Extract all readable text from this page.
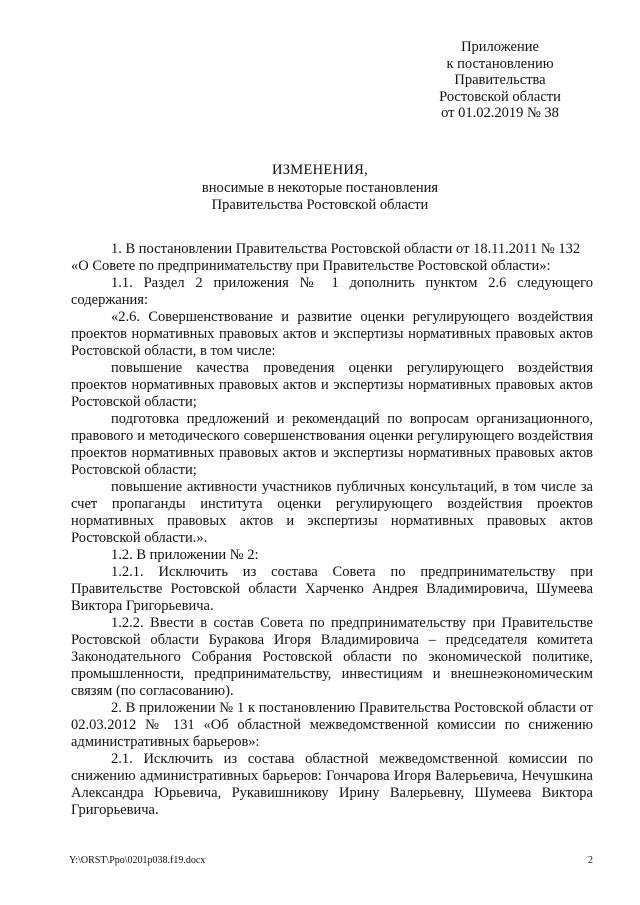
Приложение
к постановлению
Правительства
Ростовской области
от 01.02.2019 № 38
ИЗМЕНЕНИЯ,
вносимые в некоторые постановления
Правительства Ростовской области

1. В постановлении Правительства Ростовской области от 18.11.2011 № 132

«О Совете по предпринимательству при Правительстве Ростовской области»:

1.1. Раздел 2 приложения № 1 дополнить пунктом 2.6 следующего содержания:

«2.6. Совершенствование и развитие оценки регулирующего воздействия проектов нормативных правовых актов и экспертизы нормативных правовых актов Ростовской области, в том числе:

повышение качества проведения оценки регулирующего воздействия проектов нормативных правовых актов и экспертизы нормативных правовых актов Ростовской области;

подготовка предложений и рекомендаций по вопросам организационного, правового и методического совершенствования оценки регулирующего воздействия проектов нормативных правовых актов и экспертизы нормативных правовых актов Ростовской области;

повышение активности участников публичных консультаций, в том числе за счет пропаганды института оценки регулирующего воздействия проектов нормативных правовых актов и экспертизы нормативных правовых актов Ростовской области.».

1.2. В приложении № 2:

1.2.1. Исключить из состава Совета по предпринимательству при Правительстве Ростовской области Харченко Андрея Владимировича, Шумеева Виктора Григорьевича.

1.2.2. Ввести в состав Совета по предпринимательству при Правительстве Ростовской области Буракова Игоря Владимировича – председателя комитета Законодательного Собрания Ростовской области по экономической политике, промышленности, предпринимательству, инвестициям и внешнеэкономическим связям (по согласованию).

2. В приложении № 1 к постановлению Правительства Ростовской области от 02.03.2012 № 131 «Об областной межведомственной комиссии по снижению административных барьеров»:

2.1. Исключить из состава областной межведомственной комиссии по снижению административных барьеров: Гончарова Игоря Валерьевича, Нечушкина Александра Юрьевича, Рукавишникову Ирину Валерьевну, Шумеева Виктора Григорьевича.

Y:\ORST\Ppo\0201p038.f19.docx	2
